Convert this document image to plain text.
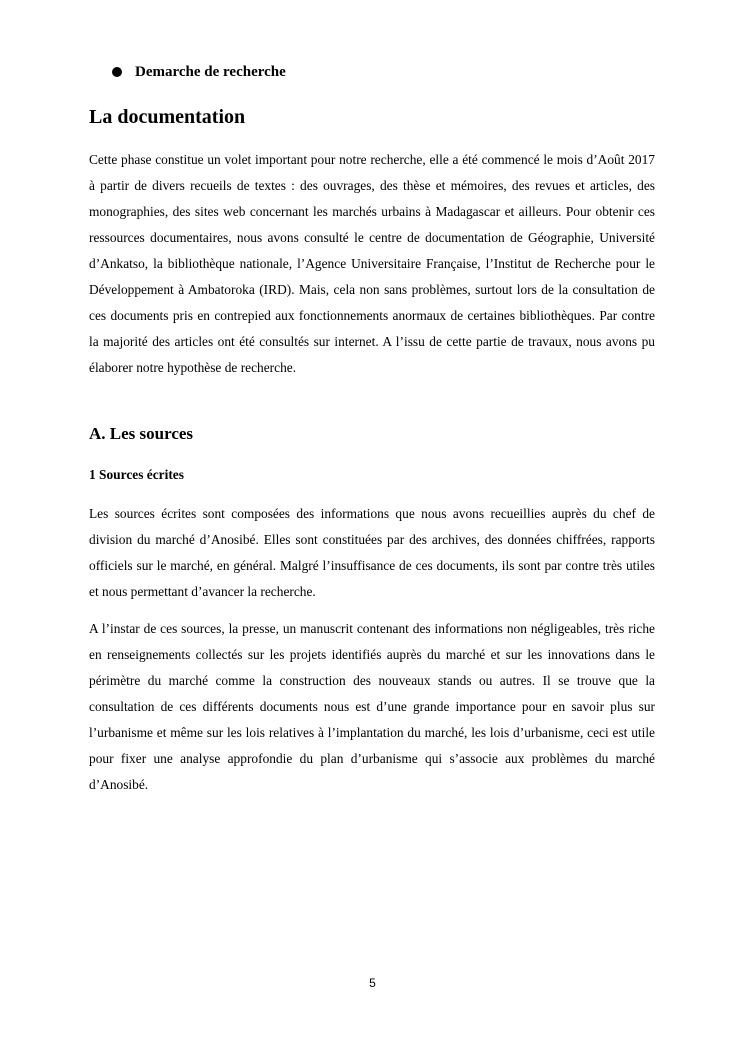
Demarche de recherche
La documentation

Cette phase constitue un volet important pour notre recherche, elle a été commencé le mois d’Août 2017 à partir de divers recueils de textes : des ouvrages, des thèse et mémoires, des revues et articles, des monographies, des sites web concernant les marchés urbains à Madagascar et ailleurs. Pour obtenir ces ressources documentaires, nous avons consulté le centre de documentation de Géographie, Université d’Ankatso, la bibliothèque nationale, l’Agence Universitaire Française, l’Institut de Recherche pour le Développement à Ambatoroka (IRD). Mais, cela non sans problèmes, surtout lors de la consultation de ces documents pris en contrepied aux fonctionnements anormaux de certaines bibliothèques. Par contre la majorité des articles ont été consultés sur internet. A l’issu de cette partie de travaux, nous avons pu élaborer notre hypothèse de recherche.

A. Les sources
1 Sources écrites

Les sources écrites sont composées des informations que nous avons recueillies auprès du chef de division du marché d’Anosibé. Elles sont constituées par des archives, des données chiffrées, rapports officiels sur le marché, en général. Malgré l’insuffisance de ces documents, ils sont par contre très utiles et nous permettant d’avancer la recherche.

A l’instar de ces sources, la presse, un manuscrit contenant des informations non négligeables, très riche en renseignements collectés sur les projets identifiés auprès du marché et sur les innovations dans le périmètre du marché comme la construction des nouveaux stands ou autres. Il se trouve que la consultation de ces différents documents nous est d’une grande importance pour en savoir plus sur l’urbanisme et même sur les lois relatives à l’implantation du marché, les lois d’urbanisme, ceci est utile pour fixer une analyse approfondie du plan d’urbanisme qui s’associe aux problèmes du marché d’Anosibé.

5
